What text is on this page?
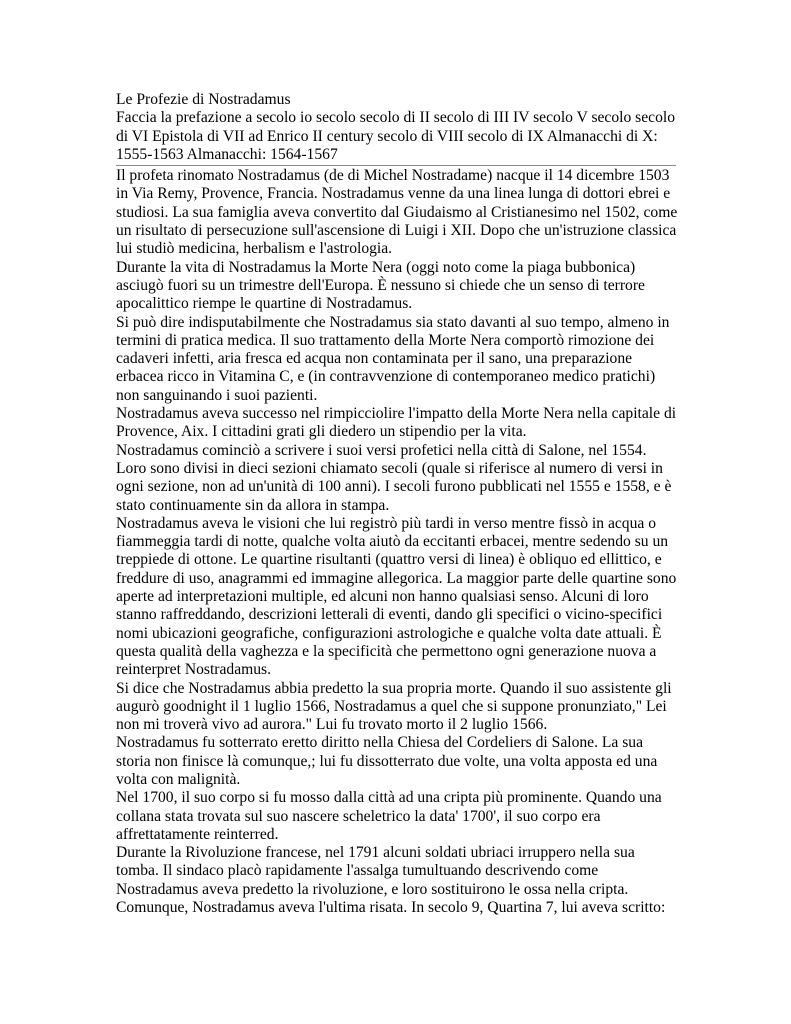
Le Profezie di Nostradamus
Faccia la prefazione a secolo io secolo secolo di II secolo di III IV secolo V secolo secolo di VI Epistola di VII ad Enrico II century secolo di VIII secolo di IX Almanacchi di X: 1555-1563 Almanacchi: 1564-1567

Il profeta rinomato Nostradamus (de di Michel Nostradame) nacque il 14 dicembre 1503 in Via Remy, Provence, Francia. Nostradamus venne da una linea lunga di dottori ebrei e studiosi. La sua famiglia aveva convertito dal Giudaismo al Cristianesimo nel 1502, come un risultato di persecuzione sull'ascensione di Luigi i XII. Dopo che un'istruzione classica lui studiò medicina, herbalism e l'astrologia.

Durante la vita di Nostradamus la Morte Nera (oggi noto come la piaga bubbonica) asciugò fuori su un trimestre dell'Europa. È nessuno si chiede che un senso di terrore apocalittico riempe le quartine di Nostradamus.

Si può dire indisputabilmente che Nostradamus sia stato davanti al suo tempo, almeno in termini di pratica medica. Il suo trattamento della Morte Nera comportò rimozione dei cadaveri infetti, aria fresca ed acqua non contaminata per il sano, una preparazione erbacea ricco in Vitamina C, e (in contravvenzione di contemporaneo medico pratichi) non sanguinando i suoi pazienti.

Nostradamus aveva successo nel rimpicciolire l'impatto della Morte Nera nella capitale di Provence, Aix. I cittadini grati gli diedero un stipendio per la vita.

Nostradamus cominciò a scrivere i suoi versi profetici nella città di Salone, nel 1554. Loro sono divisi in dieci sezioni chiamato secoli (quale si riferisce al numero di versi in ogni sezione, non ad un'unità di 100 anni). I secoli furono pubblicati nel 1555 e 1558, e è stato continuamente sin da allora in stampa.

Nostradamus aveva le visioni che lui registrò più tardi in verso mentre fissò in acqua o fiammeggia tardi di notte, qualche volta aiutò da eccitanti erbacei, mentre sedendo su un treppiede di ottone. Le quartine risultanti (quattro versi di linea) è obliquo ed ellittico, e freddure di uso, anagrammi ed immagine allegorica. La maggior parte delle quartine sono aperte ad interpretazioni multiple, ed alcuni non hanno qualsiasi senso. Alcuni di loro stanno raffreddando, descrizioni letterali di eventi, dando gli specifici o vicino-specifici nomi ubicazioni geografiche, configurazioni astrologiche e qualche volta date attuali. È questa qualità della vaghezza e la specificità che permettono ogni generazione nuova a reinterpret Nostradamus.

Si dice che Nostradamus abbia predetto la sua propria morte. Quando il suo assistente gli augurò goodnight il 1 luglio 1566, Nostradamus a quel che si suppone pronunziato," Lei non mi troverà vivo ad aurora." Lui fu trovato morto il 2 luglio 1566.

Nostradamus fu sotterrato eretto diritto nella Chiesa del Cordeliers di Salone. La sua storia non finisce là comunque,; lui fu dissotterrato due volte, una volta apposta ed una volta con malignità.

Nel 1700, il suo corpo si fu mosso dalla città ad una cripta più prominente. Quando una collana stata trovata sul suo nascere scheletrico la data' 1700', il suo corpo era affrettatamente reinterred.

Durante la Rivoluzione francese, nel 1791 alcuni soldati ubriaci irruppero nella sua tomba. Il sindaco placò rapidamente l'assalga tumultuando descrivendo come Nostradamus aveva predetto la rivoluzione, e loro sostituirono le ossa nella cripta.

Comunque, Nostradamus aveva l'ultima risata. In secolo 9, Quartina 7, lui aveva scritto:
